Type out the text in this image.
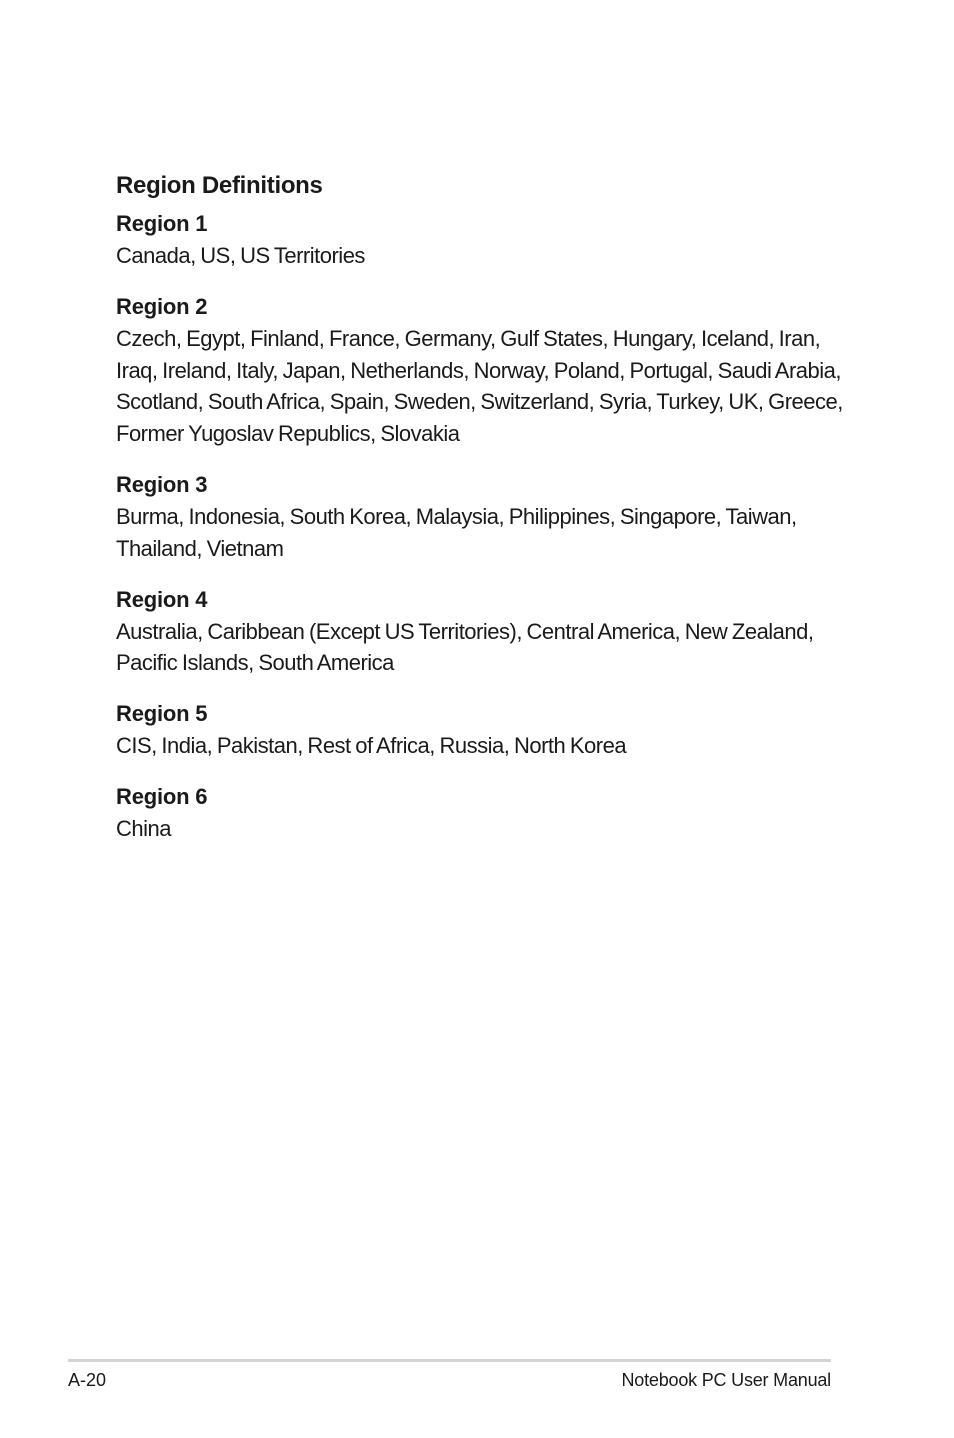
Region Definitions
Region 1

Canada, US, US Territories

Region 2

Czech, Egypt, Finland, France, Germany, Gulf States, Hungary, Iceland, Iran, Iraq, Ireland, Italy, Japan, Netherlands, Norway, Poland, Portugal, Saudi Arabia, Scotland, South Africa, Spain, Sweden, Switzerland, Syria, Turkey, UK, Greece, Former Yugoslav Republics, Slovakia

Region 3

Burma, Indonesia, South Korea, Malaysia, Philippines, Singapore, Taiwan, Thailand, Vietnam

Region 4

Australia, Caribbean (Except US Territories), Central America, New Zealand, Pacific Islands, South America

Region 5

CIS, India, Pakistan, Rest of Africa, Russia, North Korea

Region 6

China

A-20	Notebook PC User Manual
